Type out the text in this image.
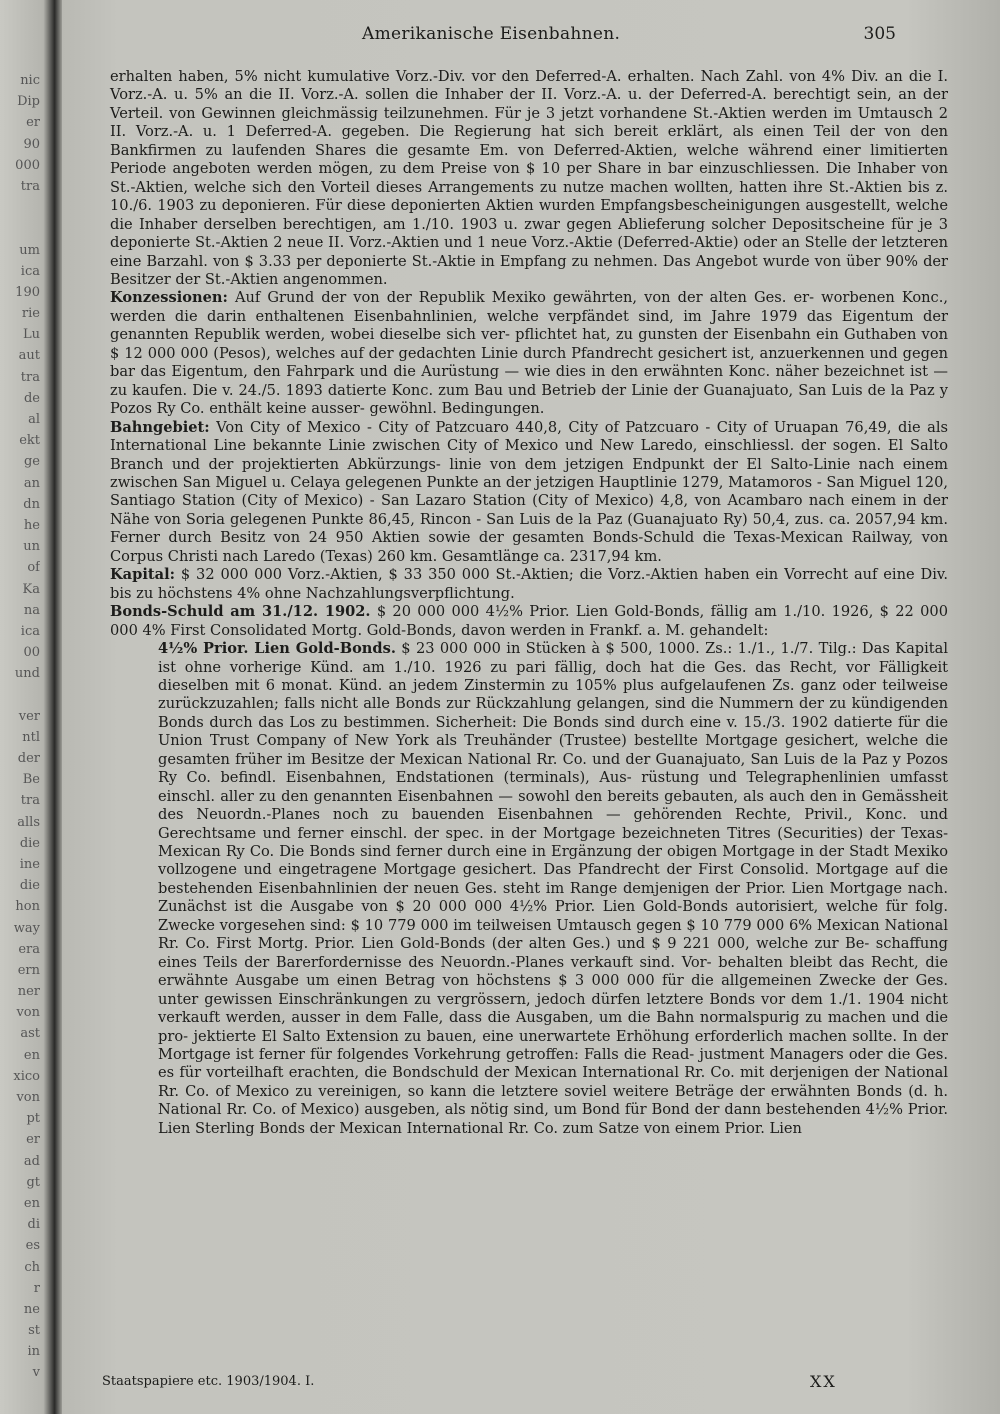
nic
Dip
er
90
000
tra
um
ica
190
rie
Lu
aut
tra
de
al
ekt
ge
an
dn
he
un
of
Ka
na
ica
00
und
ver
ntl
der
Be
tra
alls
die
ine
die
hon
way
era
ern
ner
von
ast
en
xico
von
pt
er
ad
gt
en
di
es
ch
r
ne
st
in
v
Amerikanische Eisenbahnen.	305

erhalten haben, 5% nicht kumulative Vorz.-Div. vor den Deferred-A. erhalten. Nach Zahl. von 4% Div. an die I. Vorz.-A. u. 5% an die II. Vorz.-A. sollen die Inhaber der II. Vorz.-A. u. der Deferred-A. berechtigt sein, an der Verteil. von Gewinnen gleichmässig teilzunehmen. Für je 3 jetzt vorhandene St.-Aktien werden im Umtausch 2 II. Vorz.-A. u. 1 Deferred-A. gegeben. Die Regierung hat sich bereit erklärt, als einen Teil der von den Bankfirmen zu laufenden Shares die gesamte Em. von Deferred-Aktien, welche während einer limitierten Periode angeboten werden mögen, zu dem Preise von $ 10 per Share in bar einzuschliessen. Die Inhaber von St.-Aktien, welche sich den Vorteil dieses Arrangements zu nutze machen wollten, hatten ihre St.-Aktien bis z. 10./6. 1903 zu deponieren. Für diese deponierten Aktien wurden Empfangsbescheinigungen ausgestellt, welche die Inhaber derselben berechtigen, am 1./10. 1903 u. zwar gegen Ablieferung solcher Depositscheine für je 3 deponierte St.-Aktien 2 neue II. Vorz.-Aktien und 1 neue Vorz.-Aktie (Deferred-Aktie) oder an Stelle der letzteren eine Barzahl. von $ 3.33 per deponierte St.-Aktie in Empfang zu nehmen. Das Angebot wurde von über 90% der Besitzer der St.-Aktien angenommen.

Konzessionen: Auf Grund der von der Republik Mexiko gewährten, von der alten Ges. er- worbenen Konc., werden die darin enthaltenen Eisenbahnlinien, welche verpfändet sind, im Jahre 1979 das Eigentum der genannten Republik werden, wobei dieselbe sich ver- pflichtet hat, zu gunsten der Eisenbahn ein Guthaben von $ 12 000 000 (Pesos), welches auf der gedachten Linie durch Pfandrecht gesichert ist, anzuerkennen und gegen bar das Eigentum, den Fahrpark und die Aurüstung — wie dies in den erwähnten Konc. näher bezeichnet ist — zu kaufen. Die v. 24./5. 1893 datierte Konc. zum Bau und Betrieb der Linie der Guanajuato, San Luis de la Paz y Pozos Ry Co. enthält keine ausser- gewöhnl. Bedingungen.

Bahngebiet: Von City of Mexico - City of Patzcuaro 440,8, City of Patzcuaro - City of Uruapan 76,49, die als International Line bekannte Linie zwischen City of Mexico und New Laredo, einschliessl. der sogen. El Salto Branch und der projektierten Abkürzungs- linie von dem jetzigen Endpunkt der El Salto-Linie nach einem zwischen San Miguel u. Celaya gelegenen Punkte an der jetzigen Hauptlinie 1279, Matamoros - San Miguel 120, Santiago Station (City of Mexico) - San Lazaro Station (City of Mexico) 4,8, von Acambaro nach einem in der Nähe von Soria gelegenen Punkte 86,45, Rincon - San Luis de la Paz (Guanajuato Ry) 50,4, zus. ca. 2057,94 km. Ferner durch Besitz von 24 950 Aktien sowie der gesamten Bonds-Schuld die Texas-Mexican Railway, von Corpus Christi nach Laredo (Texas) 260 km. Gesamtlänge ca. 2317,94 km.

Kapital: $ 32 000 000 Vorz.-Aktien, $ 33 350 000 St.-Aktien; die Vorz.-Aktien haben ein Vorrecht auf eine Div. bis zu höchstens 4% ohne Nachzahlungsverpflichtung.

Bonds-Schuld am 31./12. 1902. $ 20 000 000 4½% Prior. Lien Gold-Bonds, fällig am 1./10. 1926, $ 22 000 000 4% First Consolidated Mortg. Gold-Bonds, davon werden in Frankf. a. M. gehandelt:

4½% Prior. Lien Gold-Bonds. $ 23 000 000 in Stücken à $ 500, 1000. Zs.: 1./1., 1./7. Tilg.: Das Kapital ist ohne vorherige Künd. am 1./10. 1926 zu pari fällig, doch hat die Ges. das Recht, vor Fälligkeit dieselben mit 6 monat. Künd. an jedem Zinstermin zu 105% plus aufgelaufenen Zs. ganz oder teilweise zurückzuzahlen; falls nicht alle Bonds zur Rückzahlung gelangen, sind die Nummern der zu kündigenden Bonds durch das Los zu bestimmen. Sicherheit: Die Bonds sind durch eine v. 15./3. 1902 datierte für die Union Trust Company of New York als Treuhänder (Trustee) bestellte Mortgage gesichert, welche die gesamten früher im Besitze der Mexican National Rr. Co. und der Guanajuato, San Luis de la Paz y Pozos Ry Co. befindl. Eisenbahnen, Endstationen (terminals), Aus- rüstung und Telegraphenlinien umfasst einschl. aller zu den genannten Eisenbahnen — sowohl den bereits gebauten, als auch den in Gemässheit des Neuordn.-Planes noch zu bauenden Eisenbahnen — gehörenden Rechte, Privil., Konc. und Gerechtsame und ferner einschl. der spec. in der Mortgage bezeichneten Titres (Securities) der Texas-Mexican Ry Co. Die Bonds sind ferner durch eine in Ergänzung der obigen Mortgage in der Stadt Mexiko vollzogene und eingetragene Mortgage gesichert. Das Pfandrecht der First Consolid. Mortgage auf die bestehenden Eisenbahnlinien der neuen Ges. steht im Range demjenigen der Prior. Lien Mortgage nach. Zunächst ist die Ausgabe von $ 20 000 000 4½% Prior. Lien Gold-Bonds autorisiert, welche für folg. Zwecke vorgesehen sind: $ 10 779 000 im teilweisen Umtausch gegen $ 10 779 000 6% Mexican National Rr. Co. First Mortg. Prior. Lien Gold-Bonds (der alten Ges.) und $ 9 221 000, welche zur Be- schaffung eines Teils der Barerfordernisse des Neuordn.-Planes verkauft sind. Vor- behalten bleibt das Recht, die erwähnte Ausgabe um einen Betrag von höchstens $ 3 000 000 für die allgemeinen Zwecke der Ges. unter gewissen Einschränkungen zu vergrössern, jedoch dürfen letztere Bonds vor dem 1./1. 1904 nicht verkauft werden, ausser in dem Falle, dass die Ausgaben, um die Bahn normalspurig zu machen und die pro- jektierte El Salto Extension zu bauen, eine unerwartete Erhöhung erforderlich machen sollte. In der Mortgage ist ferner für folgendes Vorkehrung getroffen: Falls die Read- justment Managers oder die Ges. es für vorteilhaft erachten, die Bondschuld der Mexican International Rr. Co. mit derjenigen der National Rr. Co. of Mexico zu vereinigen, so kann die letztere soviel weitere Beträge der erwähnten Bonds (d. h. National Rr. Co. of Mexico) ausgeben, als nötig sind, um Bond für Bond der dann bestehenden 4½% Prior. Lien Sterling Bonds der Mexican International Rr. Co. zum Satze von einem Prior. Lien

Staatspapiere etc. 1903/1904. I.	XX
